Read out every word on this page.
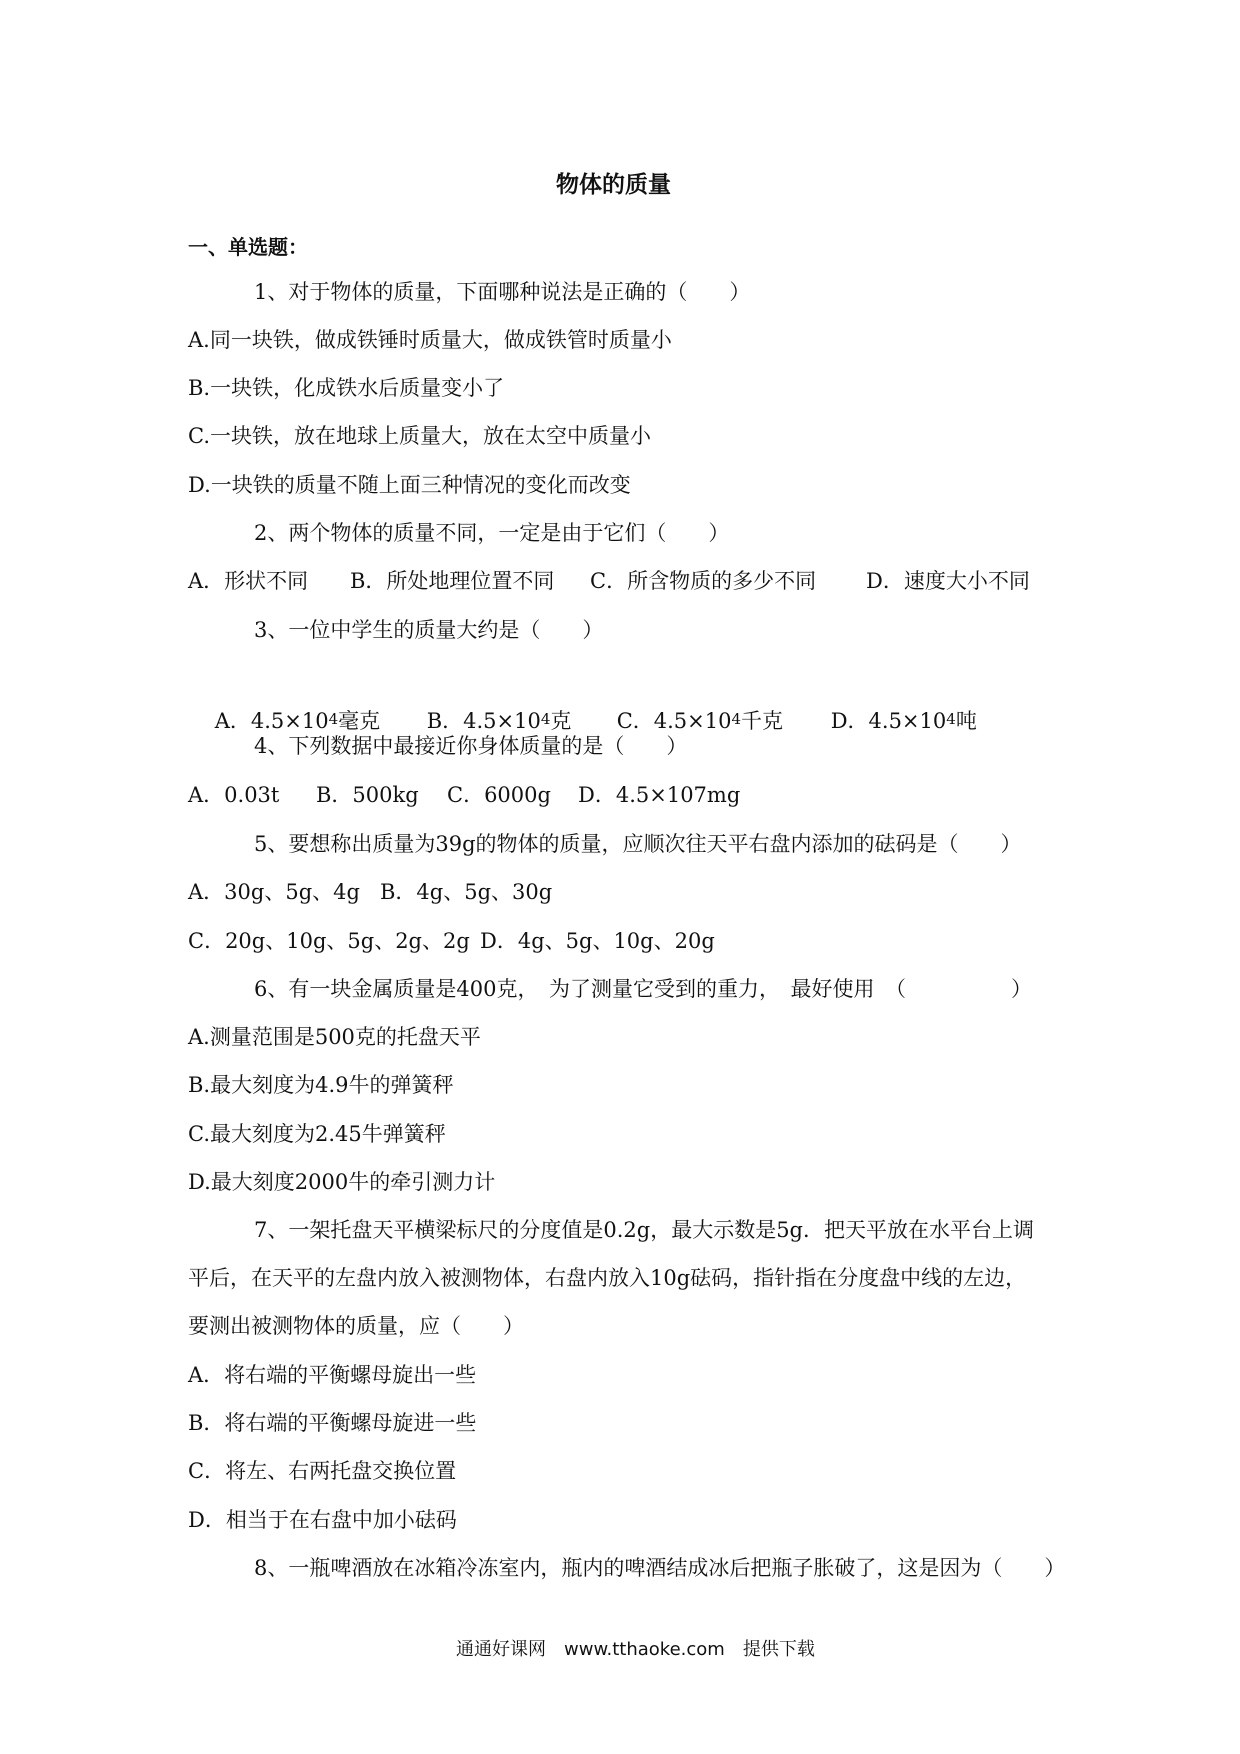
物体的质量
一、单选题：
1、对于物体的质量，下面哪种说法是正确的（　　）
A.同一块铁，做成铁锤时质量大，做成铁管时质量小
B.一块铁，化成铁水后质量变小了
C.一块铁，放在地球上质量大，放在太空中质量小
D.一块铁的质量不随上面三种情况的变化而改变
2、两个物体的质量不同，一定是由于它们（　　）
A．形状不同 B．所处地理位置不同 C．所含物质的多少不同 D．速度大小不同
3、一位中学生的质量大约是（　　）

A．$4.5\times 10^4$毫克
	B．$4.5\times 10^4$克
	C．$4.5\times 10^4$千克
	D．$4.5\times 10^4$吨

4、下列数据中最接近你身体质量的是（　　）
A．0.03t B．500kg C．6000g D．4.5×107mg
5、要想称出质量为39g的物体的质量，应顺次往天平右盘内添加的砝码是（　　）
A．30g、5g、4g B．4g、5g、30g
C．20g、10g、5g、2g、2g D．4g、5g、10g、20g
6、有一块金属质量是400克，　为了测量它受到的重力，　最好使用　（　　　　　）
A.测量范围是500克的托盘天平
B.最大刻度为4.9牛的弹簧秤
C.最大刻度为2.45牛弹簧秤
D.最大刻度2000牛的牵引测力计
7、一架托盘天平横梁标尺的分度值是0.2g，最大示数是5g．把天平放在水平台上调
平后，在天平的左盘内放入被测物体，右盘内放入10g砝码，指针指在分度盘中线的左边，
要测出被测物体的质量，应（　　）
A．将右端的平衡螺母旋出一些
B．将右端的平衡螺母旋进一些
C．将左、右两托盘交换位置
D．相当于在右盘中加小砝码
8、一瓶啤酒放在冰箱冷冻室内，瓶内的啤酒结成冰后把瓶子胀破了，这是因为（　　）
通通好课网　www.tthaoke.com　提供下载
